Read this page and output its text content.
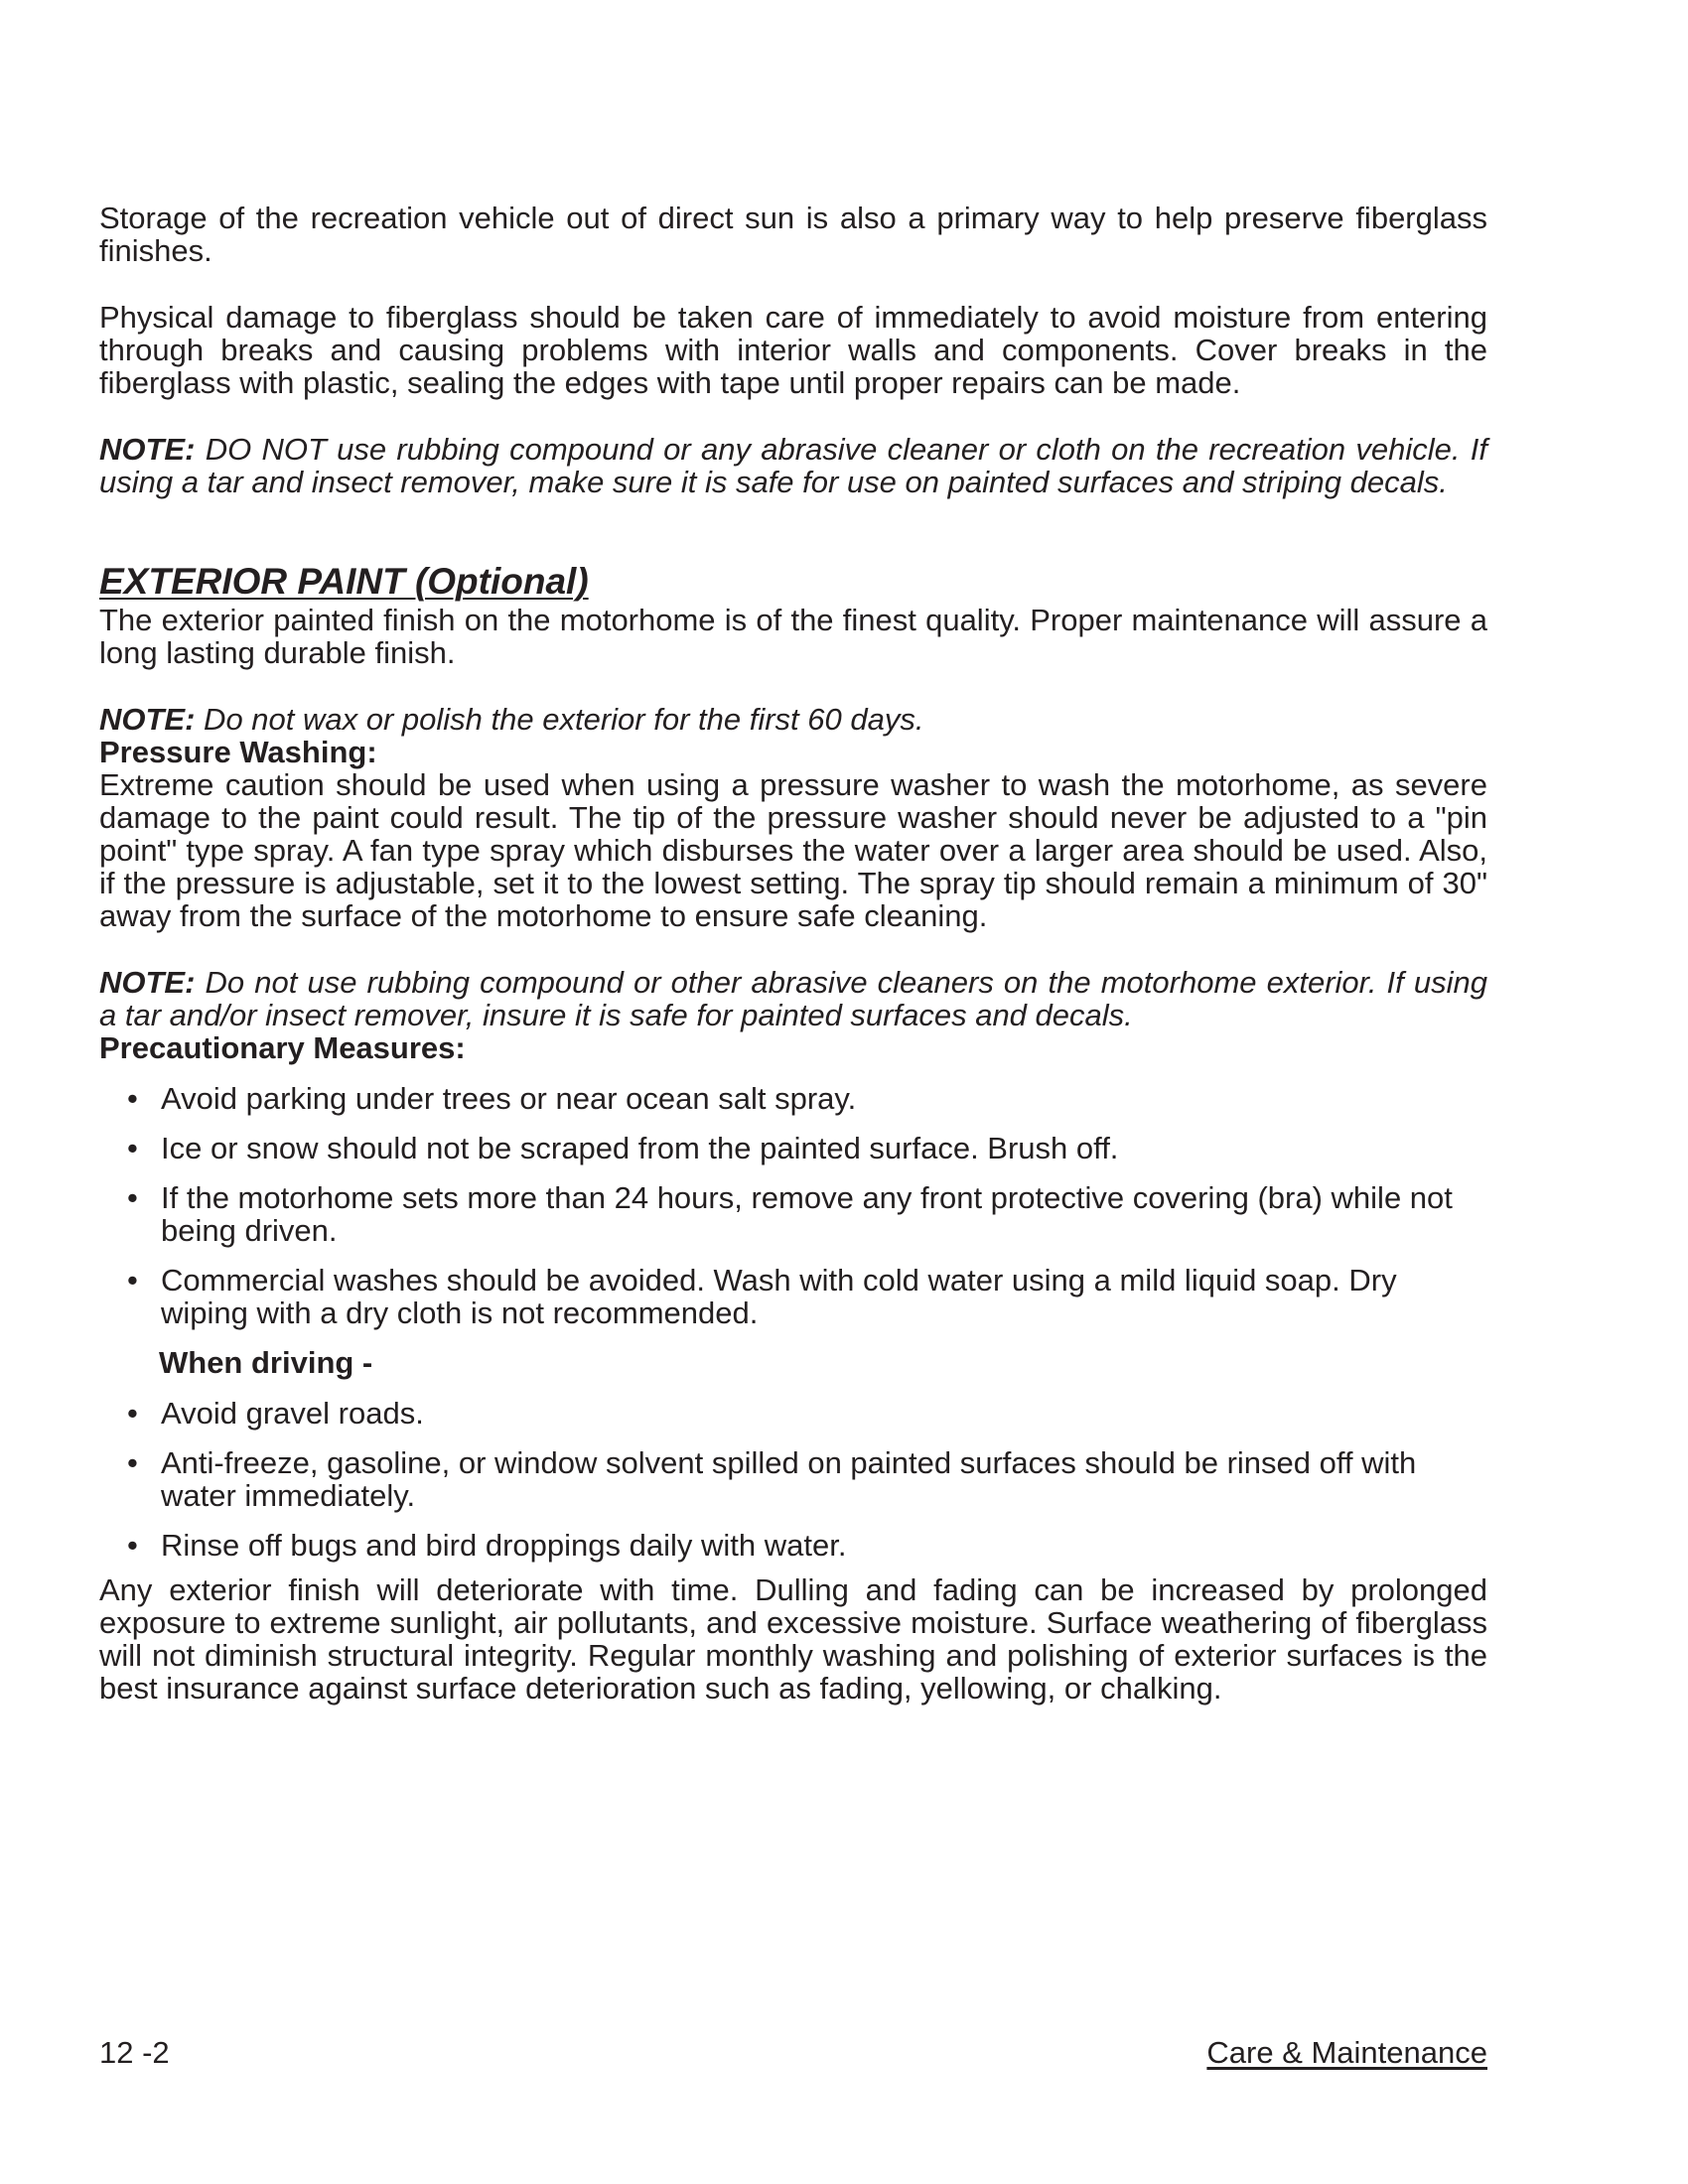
Storage of the recreation vehicle out of direct sun is also a primary way to help preserve fiberglass finishes.

Physical damage to fiberglass should be taken care of immediately to avoid moisture from entering through breaks and causing problems with interior walls and components. Cover breaks in the fiberglass with plastic, sealing the edges with tape until proper repairs can be made.

NOTE: DO NOT use rubbing compound or any abrasive cleaner or cloth on the recreation vehicle. If using a tar and insect remover, make sure it is safe for use on painted surfaces and striping decals.

EXTERIOR PAINT (Optional)

The exterior painted finish on the motorhome is of the finest quality. Proper maintenance will assure a long lasting durable finish.

NOTE: Do not wax or polish the exterior for the first 60 days.

Pressure Washing:

Extreme caution should be used when using a pressure washer to wash the motorhome, as severe damage to the paint could result. The tip of the pressure washer should never be adjusted to a "pin point" type spray. A fan type spray which disburses the water over a larger area should be used. Also, if the pressure is adjustable, set it to the lowest setting. The spray tip should remain a minimum of 30" away from the surface of the motorhome to ensure safe cleaning.

NOTE: Do not use rubbing compound or other abrasive cleaners on the motorhome exterior. If using a tar and/or insect remover, insure it is safe for painted surfaces and decals.

Precautionary Measures:

• Avoid parking under trees or near ocean salt spray.
• Ice or snow should not be scraped from the painted surface. Brush off.
• If the motorhome sets more than 24 hours, remove any front protective covering (bra) while not being driven.
• Commercial washes should be avoided. Wash with cold water using a mild liquid soap. Dry wiping with a dry cloth is not recommended.

When driving -

• Avoid gravel roads.
• Anti-freeze, gasoline, or window solvent spilled on painted surfaces should be rinsed off with water immediately.
• Rinse off bugs and bird droppings daily with water.

Any exterior finish will deteriorate with time. Dulling and fading can be increased by prolonged exposure to extreme sunlight, air pollutants, and excessive moisture. Surface weathering of fiberglass will not diminish structural integrity. Regular monthly washing and polishing of exterior surfaces is the best insurance against surface deterioration such as fading, yellowing, or chalking.

12 -2	Care & Maintenance
